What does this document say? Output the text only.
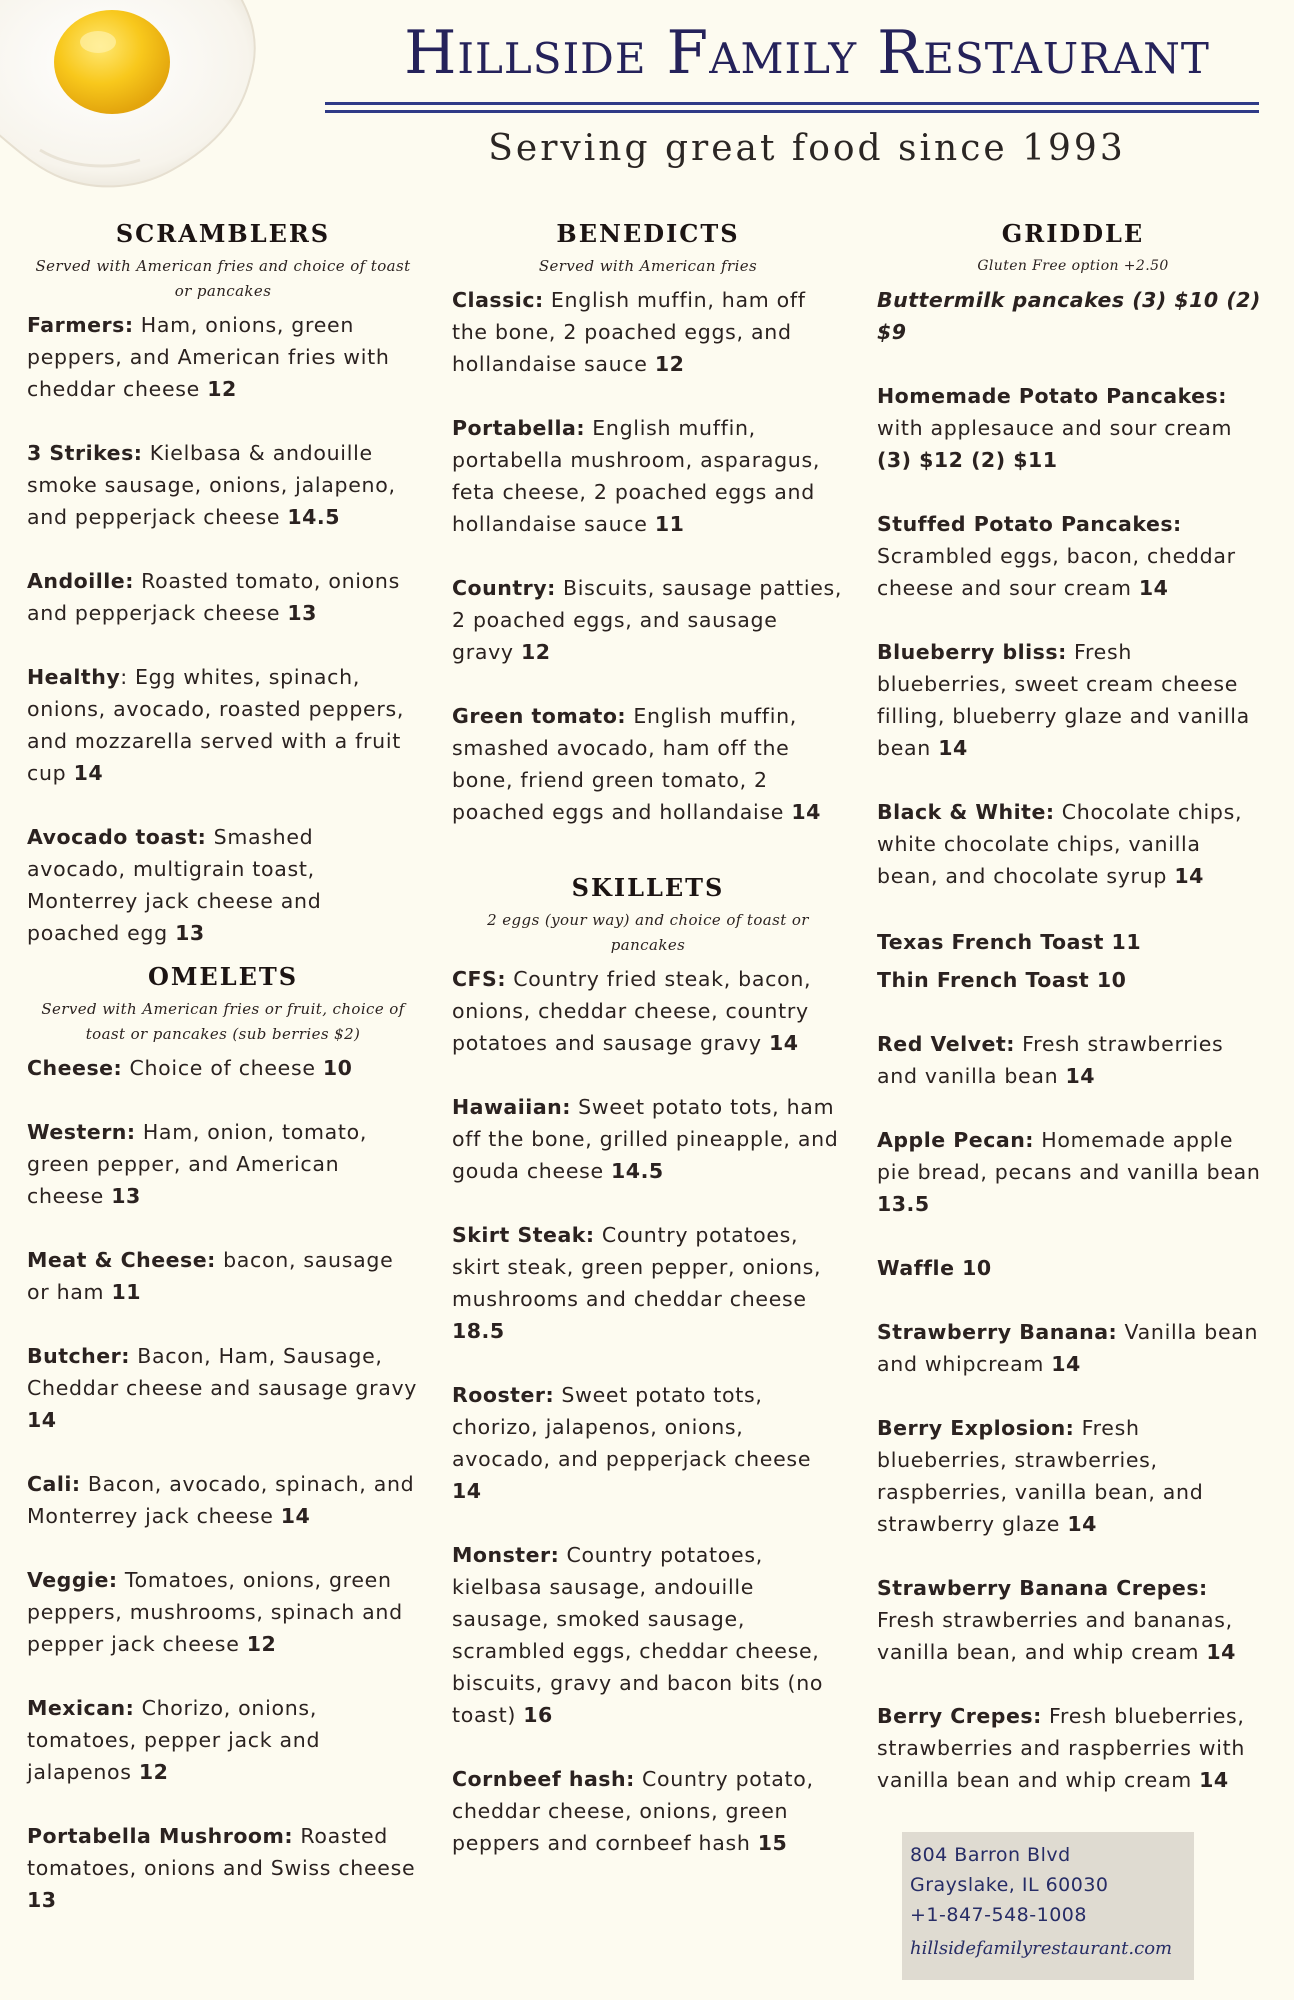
Hillside Family Restaurant
Serving great food since 1993
SCRAMBLERS

Served with American fries and choice of toast or pancakes

Farmers: Ham, onions, green peppers, and American fries with cheddar cheese 12
3 Strikes: Kielbasa & andouille smoke sausage, onions, jalapeno, and pepperjack cheese 14.5
Andoille: Roasted tomato, onions and pepperjack cheese 13
Healthy: Egg whites, spinach, onions, avocado, roasted peppers, and mozzarella served with a fruit cup 14
Avocado toast: Smashed avocado, multigrain toast, Monterrey jack cheese and poached egg 13
OMELETS

Served with American fries or fruit, choice of toast or pancakes (sub berries $2)

Cheese: Choice of cheese 10
Western: Ham, onion, tomato, green pepper, and American cheese 13
Meat & Cheese: bacon, sausage or ham 11
Butcher: Bacon, Ham, Sausage, Cheddar cheese and sausage gravy 14
Cali: Bacon, avocado, spinach, and Monterrey jack cheese 14
Veggie: Tomatoes, onions, green peppers, mushrooms, spinach and pepper jack cheese 12
Mexican: Chorizo, onions, tomatoes, pepper jack and jalapenos 12
Portabella Mushroom: Roasted tomatoes, onions and Swiss cheese 13
BENEDICTS

Served with American fries

Classic: English muffin, ham off the bone, 2 poached eggs, and hollandaise sauce 12
Portabella: English muffin, portabella mushroom, asparagus, feta cheese, 2 poached eggs and hollandaise sauce 11
Country: Biscuits, sausage patties, 2 poached eggs, and sausage gravy 12
Green tomato: English muffin, smashed avocado, ham off the bone, friend green tomato, 2 poached eggs and hollandaise 14
SKILLETS

2 eggs (your way) and choice of toast or pancakes

CFS: Country fried steak, bacon, onions, cheddar cheese, country potatoes and sausage gravy 14
Hawaiian: Sweet potato tots, ham off the bone, grilled pineapple, and gouda cheese 14.5
Skirt Steak: Country potatoes, skirt steak, green pepper, onions, mushrooms and cheddar cheese 18.5
Rooster: Sweet potato tots, chorizo, jalapenos, onions, avocado, and pepperjack cheese 14
Monster: Country potatoes, kielbasa sausage, andouille sausage, smoked sausage, scrambled eggs, cheddar cheese, biscuits, gravy and bacon bits (no toast) 16
Cornbeef hash: Country potato, cheddar cheese, onions, green peppers and cornbeef hash 15
GRIDDLE

Gluten Free option +2.50

Buttermilk pancakes (3) $10 (2) $9
Homemade Potato Pancakes: with applesauce and sour cream (3) $12 (2) $11
Stuffed Potato Pancakes: Scrambled eggs, bacon, cheddar cheese and sour cream 14
Blueberry bliss: Fresh blueberries, sweet cream cheese filling, blueberry glaze and vanilla bean 14
Black & White: Chocolate chips, white chocolate chips, vanilla bean, and chocolate syrup 14
Texas French Toast 11
Thin French Toast 10
Red Velvet: Fresh strawberries and vanilla bean 14
Apple Pecan: Homemade apple pie bread, pecans and vanilla bean 13.5
Waffle 10
Strawberry Banana: Vanilla bean and whipcream 14
Berry Explosion: Fresh blueberries, strawberries, raspberries, vanilla bean, and strawberry glaze 14
Strawberry Banana Crepes: Fresh strawberries and bananas, vanilla bean, and whip cream 14
Berry Crepes: Fresh blueberries, strawberries and raspberries with vanilla bean and whip cream 14
804 Barron Blvd
Grayslake, IL 60030
+1-847-548-1008
hillsidefamilyrestaurant.com
